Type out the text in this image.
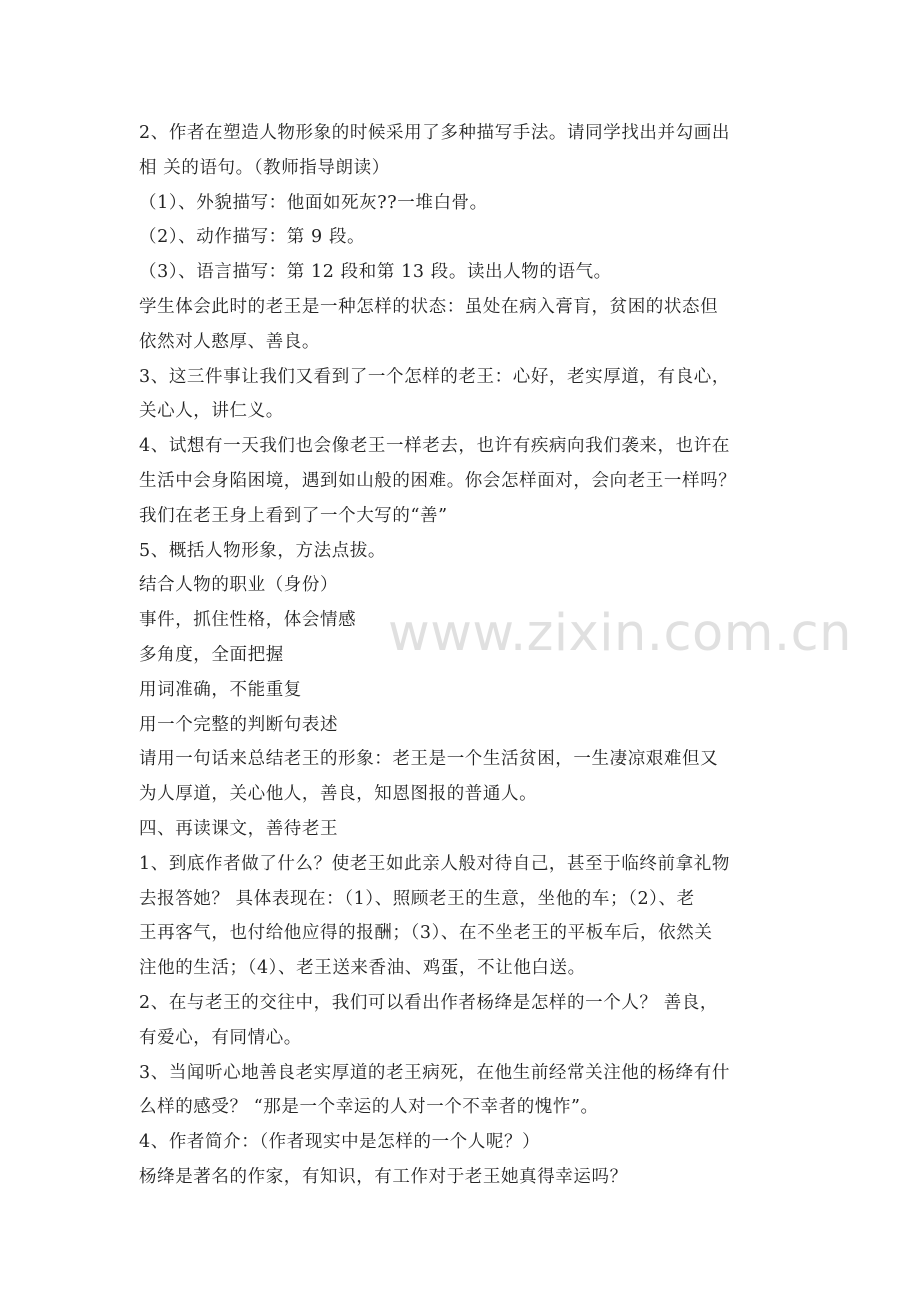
2、作者在塑造人物形象的时候采用了多种描写手法。请同学找出并勾画出
相 关的语句。（教师指导朗读）
（1）、外貌描写：他面如死灰??一堆白骨。
（2）、动作描写：第 9 段。
（3）、语言描写：第 12 段和第 13 段。读出人物的语气。
学生体会此时的老王是一种怎样的状态：虽处在病入膏肓，贫困的状态但
依然对人憨厚、善良。
3、这三件事让我们又看到了一个怎样的老王：心好，老实厚道，有良心，
关心人，讲仁义。
4、试想有一天我们也会像老王一样老去，也许有疾病向我们袭来，也许在
生活中会身陷困境，遇到如山般的困难。你会怎样面对，会向老王一样吗？
我们在老王身上看到了一个大写的“善”
5、概括人物形象，方法点拔。
结合人物的职业（身份）
事件，抓住性格，体会情感
多角度，全面把握
用词准确，不能重复
用一个完整的判断句表述
请用一句话来总结老王的形象：老王是一个生活贫困，一生凄凉艰难但又
为人厚道，关心他人，善良，知恩图报的普通人。
四、再读课文，善待老王
1、到底作者做了什么？使老王如此亲人般对待自己，甚至于临终前拿礼物
去报答她？ 具体表现在：（1）、照顾老王的生意，坐他的车；（2）、老
王再客气，也付给他应得的报酬；（3）、在不坐老王的平板车后，依然关
注他的生活；（4）、老王送来香油、鸡蛋，不让他白送。
2、在与老王的交往中，我们可以看出作者杨绛是怎样的一个人？ 善良，
有爱心，有同情心。
3、当闻听心地善良老实厚道的老王病死，在他生前经常关注他的杨绛有什
么样的感受？ “那是一个幸运的人对一个不幸者的愧怍”。
4、作者简介：（作者现实中是怎样的一个人呢？）
杨绛是著名的作家，有知识，有工作对于老王她真得幸运吗？
www.zixin.com.cn
